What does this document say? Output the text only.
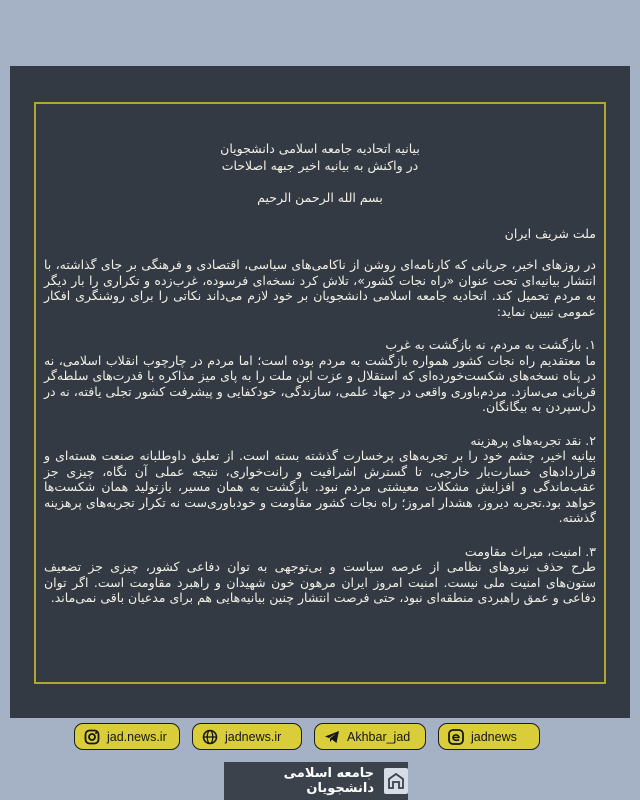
بیانیه اتحادیه جامعه اسلامی دانشجویان
در واکنش به بیانیه اخیر جبهه اصلاحات
بسم الله الرحمن الرحیم
ملت شریف ایران
در روزهای اخیر، جریانی که کارنامه‌ای روشن از ناکامی‌های سیاسی، اقتصادی و فرهنگی بر جای گذاشته، با انتشار بیانیه‌ای تحت عنوان «راه نجات کشور»، تلاش کرد نسخه‌ای فرسوده، غرب‌زده و تکراری را بار دیگر به مردم تحمیل کند. اتحادیه جامعه اسلامی دانشجویان بر خود لازم می‌داند نکاتی را برای روشنگری افکار عمومی تبیین نماید:
۱. بازگشت به مردم، نه بازگشت به غرب
ما معتقدیم راه نجات کشور همواره بازگشت به مردم بوده است؛ اما مردم در چارچوب انقلاب اسلامی، نه در پناه نسخه‌های شکست‌خورده‌ای که استقلال و عزت این ملت را به پای میز مذاکره با قدرت‌های سلطه‌گر قربانی می‌سازد. مردم‌باوری واقعی در جهاد علمی، سازندگی، خودکفایی و پیشرفت کشور تجلی یافته، نه در دل‌سپردن به بیگانگان.
۲. نقد تجربه‌های پرهزینه
بیانیه اخیر، چشم خود را بر تجربه‌های پرخسارت گذشته بسته است. از تعلیق داوطلبانه صنعت هسته‌ای و قراردادهای خسارت‌بار خارجی، تا گسترش اشرافیت و رانت‌خواری، نتیجه عملی آن نگاه، چیزی جز عقب‌ماندگی و افزایش مشکلات معیشتی مردم نبود. بازگشت به همان مسیر، بازتولید همان شکست‌ها خواهد بود.تجربه دیروز، هشدار امروز؛ راه نجات کشور مقاومت و خودباوری‌ست نه تکرار تجربه‌های پرهزینه گذشته.
۳. امنیت، میراث مقاومت
طرح حذف نیروهای نظامی از عرصه سیاست و بی‌توجهی به توان دفاعی کشور، چیزی جز تضعیف ستون‌های امنیت ملی نیست. امنیت امروز ایران مرهون خون شهیدان و راهبرد مقاومت است. اگر توان دفاعی و عمق راهبردی منطقه‌ای نبود، حتی فرصت انتشار چنین بیانیه‌هایی هم برای مدعیان باقی نمی‌ماند.
jad.news.ir	jadnews.ir	Akhbar_jad	jadnews
جامعه اسلامی دانشجویان
